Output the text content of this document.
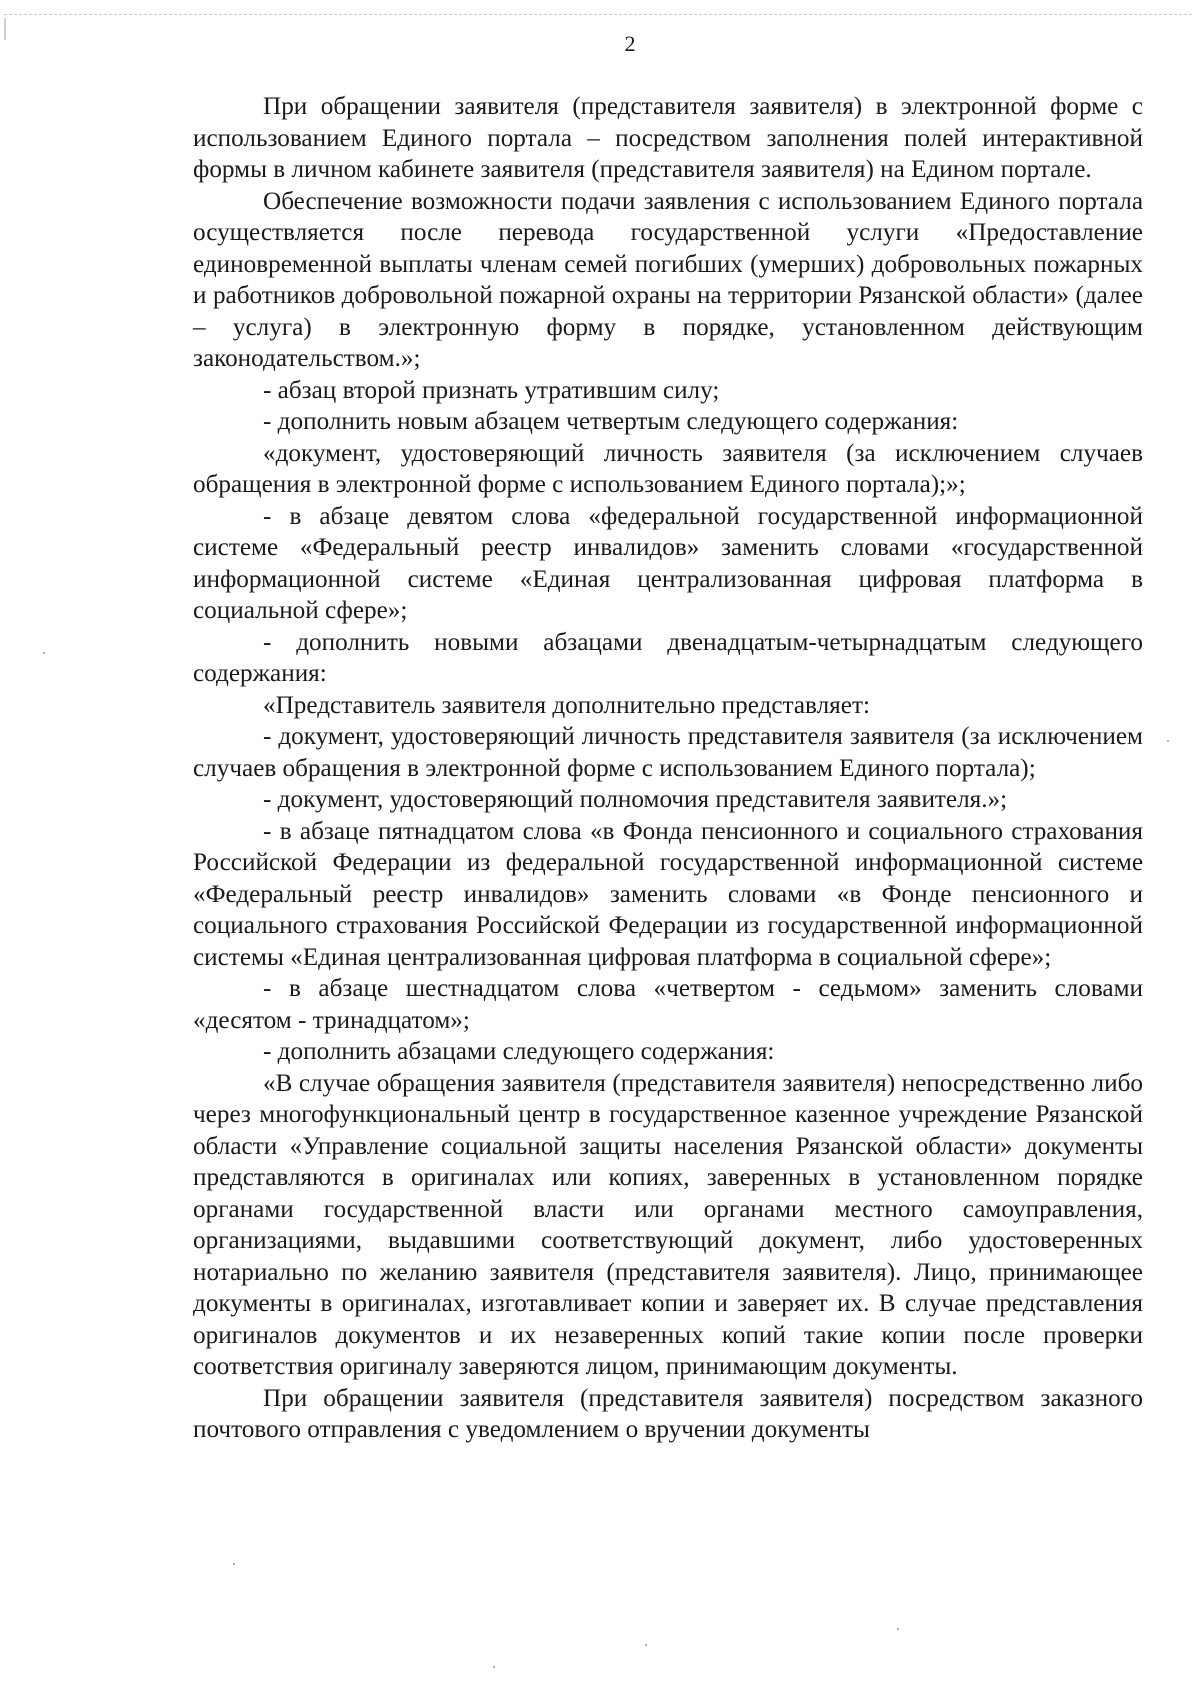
2

При обращении заявителя (представителя заявителя) в электронной форме с использованием Единого портала – посредством заполнения полей интерактивной формы в личном кабинете заявителя (представителя заявителя) на Едином портале.

Обеспечение возможности подачи заявления с использованием Единого портала осуществляется после перевода государственной услуги «Предоставление единовременной выплаты членам семей погибших (умерших) добровольных пожарных и работников добровольной пожарной охраны на территории Рязанской области» (далее – услуга) в электронную форму в порядке, установленном действующим законодательством.»;

- абзац второй признать утратившим силу;

- дополнить новым абзацем четвертым следующего содержания:

«документ, удостоверяющий личность заявителя (за исключением случаев обращения в электронной форме с использованием Единого портала);»;

- в абзаце девятом слова «федеральной государственной информационной системе «Федеральный реестр инвалидов» заменить словами «государственной информационной системе «Единая централизованная цифровая платформа в социальной сфере»;

- дополнить новыми абзацами двенадцатым-четырнадцатым следующего содержания:

«Представитель заявителя дополнительно представляет:

- документ, удостоверяющий личность представителя заявителя (за исключением случаев обращения в электронной форме с использованием Единого портала);

- документ, удостоверяющий полномочия представителя заявителя.»;

- в абзаце пятнадцатом слова «в Фонда пенсионного и социального страхования Российской Федерации из федеральной государственной информационной системе «Федеральный реестр инвалидов» заменить словами «в Фонде пенсионного и социального страхования Российской Федерации из государственной информационной системы «Единая централизованная цифровая платформа в социальной сфере»;

- в абзаце шестнадцатом слова «четвертом - седьмом» заменить словами «десятом - тринадцатом»;

- дополнить абзацами следующего содержания:

«В случае обращения заявителя (представителя заявителя) непосредственно либо через многофункциональный центр в государственное казенное учреждение Рязанской области «Управление социальной защиты населения Рязанской области» документы представляются в оригиналах или копиях, заверенных в установленном порядке органами государственной власти или органами местного самоуправления, организациями, выдавшими соответствующий документ, либо удостоверенных нотариально по желанию заявителя (представителя заявителя). Лицо, принимающее документы в оригиналах, изготавливает копии и заверяет их. В случае представления оригиналов документов и их незаверенных копий такие копии после проверки соответствия оригиналу заверяются лицом, принимающим документы.

При обращении заявителя (представителя заявителя) посредством заказного почтового отправления с уведомлением о вручении документы
